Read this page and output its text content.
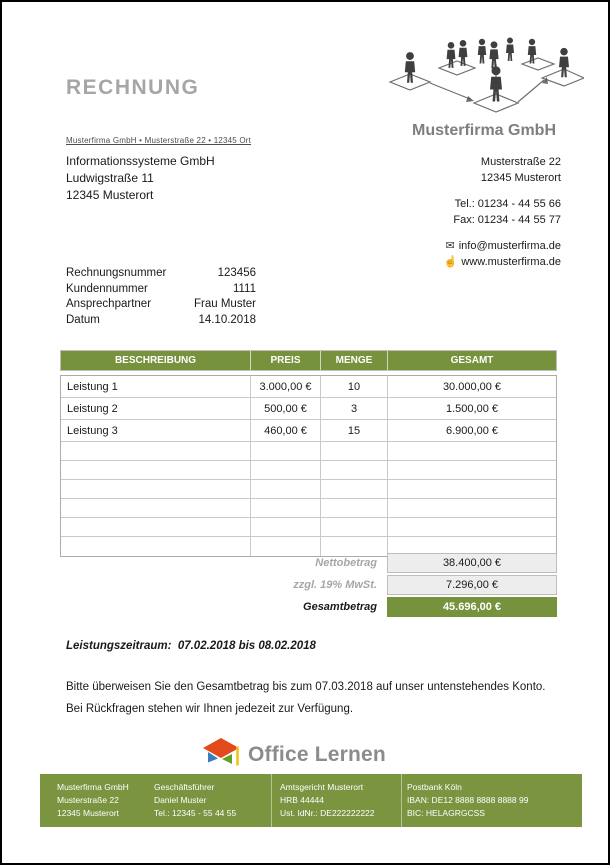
RECHNUNG
Musterfirma GmbH
Musterfirma GmbH • Musterstraße 22 • 12345 Ort
Informationssysteme GmbH
Ludwigstraße 11
12345 Musterort
Musterstraße 22
12345 Musterort
Tel.: 01234 - 44 55 66
Fax: 01234 - 44 55 77
✉ info@musterfirma.de
☝ www.musterfirma.de
Rechnungsnummer	123456
Kundennummer	1111
Ansprechpartner	Frau Muster
Datum	14.10.2018
BESCHREIBUNG	PREIS	MENGE	GESAMT
Leistung 1	3.000,00 €	10	30.000,00 €
Leistung 2	500,00 €	3	1.500,00 €
Leistung 3	460,00 €	15	6.900,00 €
Nettobetrag	38.400,00 €
zzgl. 19% MwSt.	7.296,00 €
Gesamtbetrag	45.696,00 €
Leistungszeitraum:  07.02.2018 bis 08.02.2018
Bitte überweisen Sie den Gesamtbetrag bis zum 07.03.2018 auf unser untenstehendes Konto.
Bei Rückfragen stehen wir Ihnen jedezeit zur Verfügung.
Office Lernen
Musterfirma GmbH
Musterstraße 22
12345 Musterort
Geschäftsführer
Daniel Muster
Tel.: 12345 - 55 44 55
Amtsgericht Musterort
HRB 44444
Ust. IdNr.: DE222222222
Postbank Köln
IBAN: DE12 8888 8888 8888 99
BIC: HELAGRGCSS
